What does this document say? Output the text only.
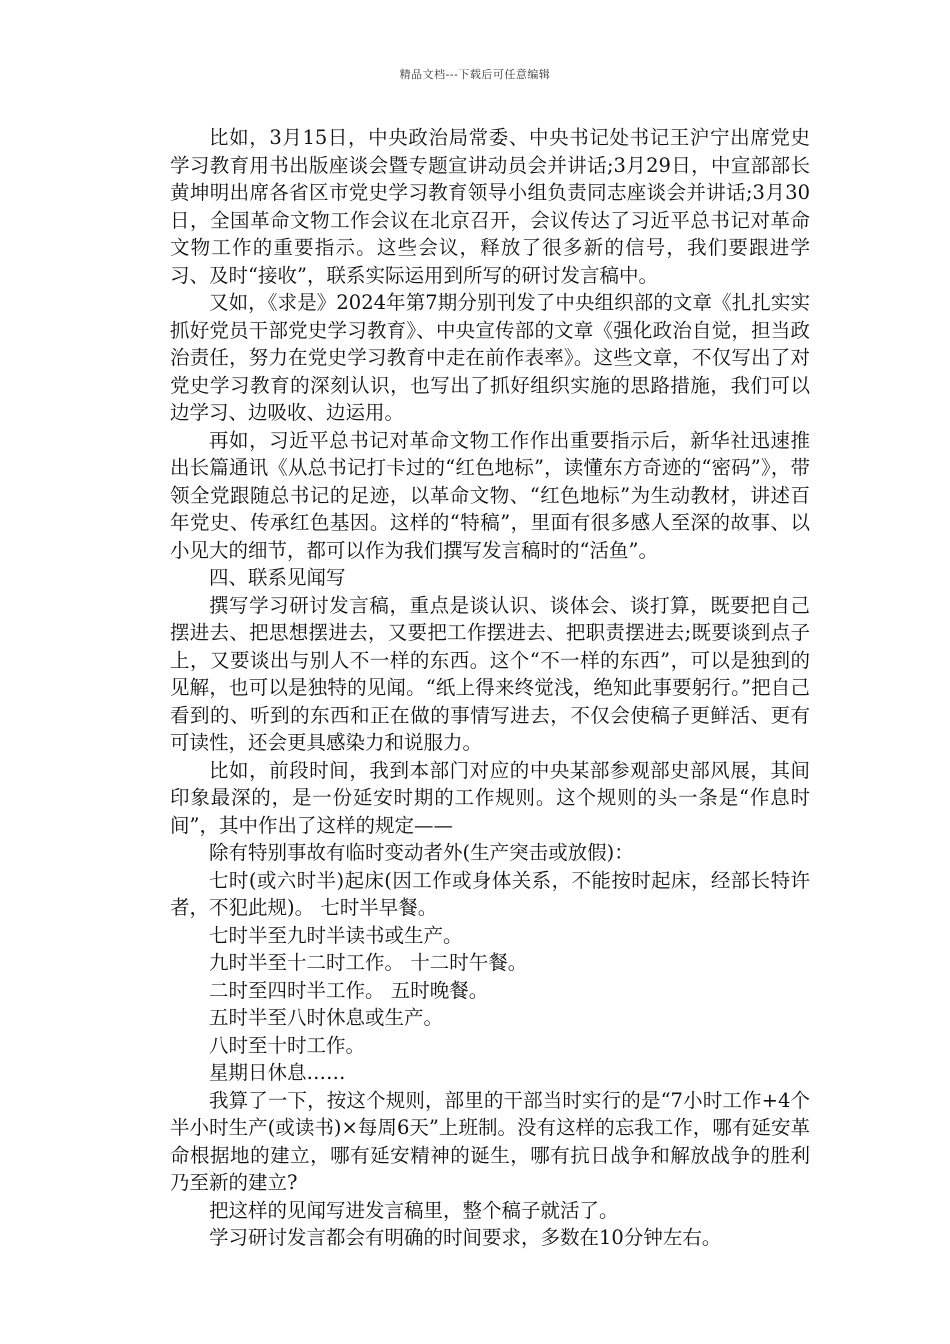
精品文档---下载后可任意编辑

比如，3月15日，中央政治局常委、中央书记处书记王沪宁出席党史学习教育用书出版座谈会暨专题宣讲动员会并讲话;3月29日，中宣部部长黄坤明出席各省区市党史学习教育领导小组负责同志座谈会并讲话;3月30日，全国革命文物工作会议在北京召开，会议传达了习近平总书记对革命文物工作的重要指示。这些会议，释放了很多新的信号，我们要跟进学习、及时“接收”，联系实际运用到所写的研讨发言稿中。

又如，《求是》2024年第7期分别刊发了中央组织部的文章《扎扎实实抓好党员干部党史学习教育》、中央宣传部的文章《强化政治自觉，担当政治责任，努力在党史学习教育中走在前作表率》。这些文章，不仅写出了对党史学习教育的深刻认识，也写出了抓好组织实施的思路措施，我们可以边学习、边吸收、边运用。

再如，习近平总书记对革命文物工作作出重要指示后，新华社迅速推出长篇通讯《从总书记打卡过的“红色地标”，读懂东方奇迹的“密码”》，带领全党跟随总书记的足迹，以革命文物、“红色地标”为生动教材，讲述百年党史、传承红色基因。这样的“特稿”，里面有很多感人至深的故事、以小见大的细节，都可以作为我们撰写发言稿时的“活鱼”。

四、联系见闻写

撰写学习研讨发言稿，重点是谈认识、谈体会、谈打算，既要把自己摆进去、把思想摆进去，又要把工作摆进去、把职责摆进去;既要谈到点子上，又要谈出与别人不一样的东西。这个“不一样的东西”，可以是独到的见解，也可以是独特的见闻。“纸上得来终觉浅，绝知此事要躬行。”把自己看到的、听到的东西和正在做的事情写进去，不仅会使稿子更鲜活、更有可读性，还会更具感染力和说服力。

比如，前段时间，我到本部门对应的中央某部参观部史部风展，其间印象最深的，是一份延安时期的工作规则。这个规则的头一条是“作息时间”，其中作出了这样的规定——

除有特别事故有临时变动者外(生产突击或放假)：

七时(或六时半)起床(因工作或身体关系，不能按时起床，经部长特许者，不犯此规)。 七时半早餐。

七时半至九时半读书或生产。

九时半至十二时工作。 十二时午餐。

二时至四时半工作。 五时晚餐。

五时半至八时休息或生产。

八时至十时工作。

星期日休息……

我算了一下，按这个规则，部里的干部当时实行的是“7小时工作+4个半小时生产(或读书)×每周6天”上班制。没有这样的忘我工作，哪有延安革命根据地的建立，哪有延安精神的诞生，哪有抗日战争和解放战争的胜利乃至新的建立?

把这样的见闻写进发言稿里，整个稿子就活了。

学习研讨发言都会有明确的时间要求，多数在10分钟左右。
